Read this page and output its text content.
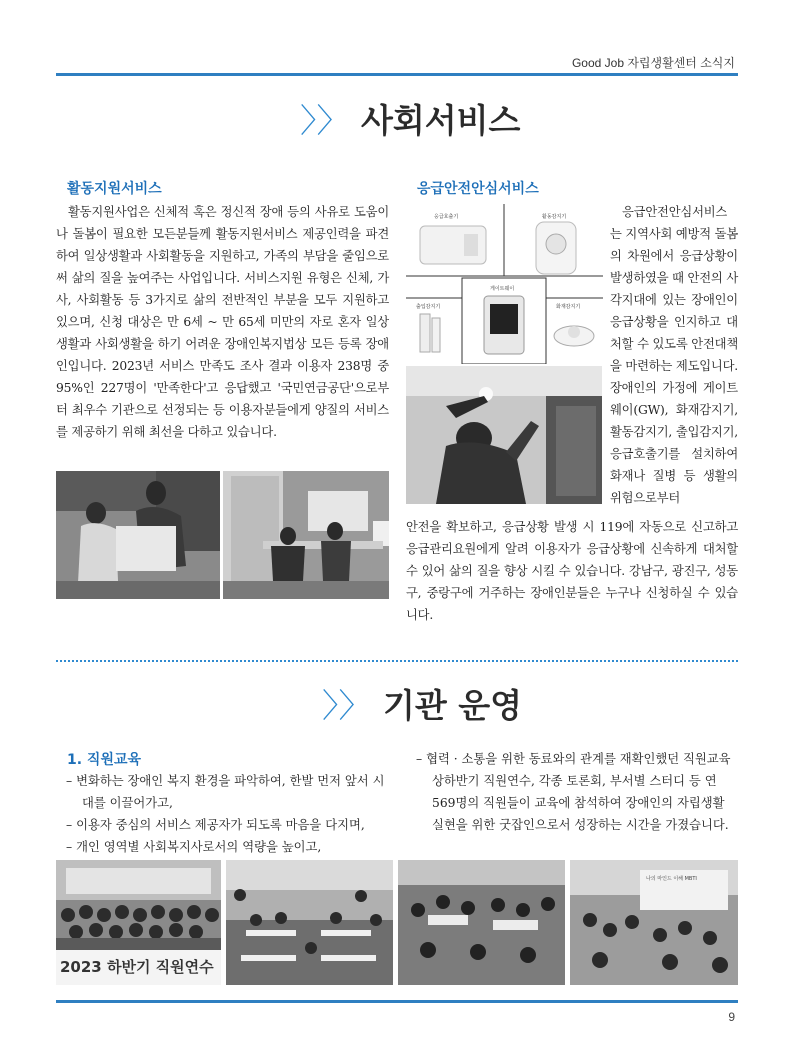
Good Job 자립생활센터 소식지
〉〉 사회서비스
활동지원서비스
활동지원사업은 신체적 혹은 정신적 장애 등의 사유로 도움이나 돌봄이 필요한 모든분들께 활동지원서비스 제공인력을 파견하여 일상생활과 사회활동을 지원하고, 가족의 부담을 줄임으로써 삶의 질을 높여주는 사업입니다. 서비스지원 유형은 신체, 가사, 사회활동 등 3가지로 삶의 전반적인 부분을 모두 지원하고 있으며, 신청 대상은 만 6세 ~ 만 65세 미만의 자로 혼자 일상생활과 사회생활을 하기 어려운 장애인복지법상 모든 등록 장애인입니다. 2023년 서비스 만족도 조사 결과 이용자 238명 중 95%인 227명이 '만족한다'고 응답했고 '국민연금공단'으로부터 최우수 기관으로 선정되는 등 이용자분들에게 양질의 서비스를 제공하기 위해 최선을 다하고 있습니다.
응급안전안심서비스
응급호출기	활동감지기
게이트웨이
출입감지기	화재감지기
응급안전안심서비스는 지역사회 예방적 돌봄의 차원에서 응급상황이 발생하였을 때 안전의 사각지대에 있는 장애인이 응급상황을 인지하고 대처할 수 있도록 안전대책을 마련하는 제도입니다. 장애인의 가정에 게이트웨이(GW), 화재감지기, 활동감지기, 출입감지기, 응급호출기를 설치하여 화재나 질병 등 생활의 위험으로부터
안전을 확보하고, 응급상황 발생 시 119에 자동으로 신고하고 응급관리요원에게 알려 이용자가 응급상황에 신속하게 대처할 수 있어 삶의 질을 향상 시킬 수 있습니다. 강남구, 광진구, 성동구, 중랑구에 거주하는 장애인분들은 누구나 신청하실 수 있습니다.
〉〉 기관 운영
1. 직원교육
– 변화하는 장애인 복지 환경을 파악하여, 한발 먼저 앞서 시대를 이끌어가고,
– 이용자 중심의 서비스 제공자가 되도록 마음을 다지며,
– 개인 영역별 사회복지사로서의 역량을 높이고,
– 협력 · 소통을 위한 동료와의 관계를 재확인했던 직원교육 상하반기 직원연수, 각종 토론회, 부서별 스터디 등 연 569명의 직원들이 교육에 참석하여 장애인의 자립생활 실현을 위한 굿잡인으로서 성장하는 시간을 가졌습니다.
2023 하반기 직원연수
나의 마인드 이해 MBTI
9
